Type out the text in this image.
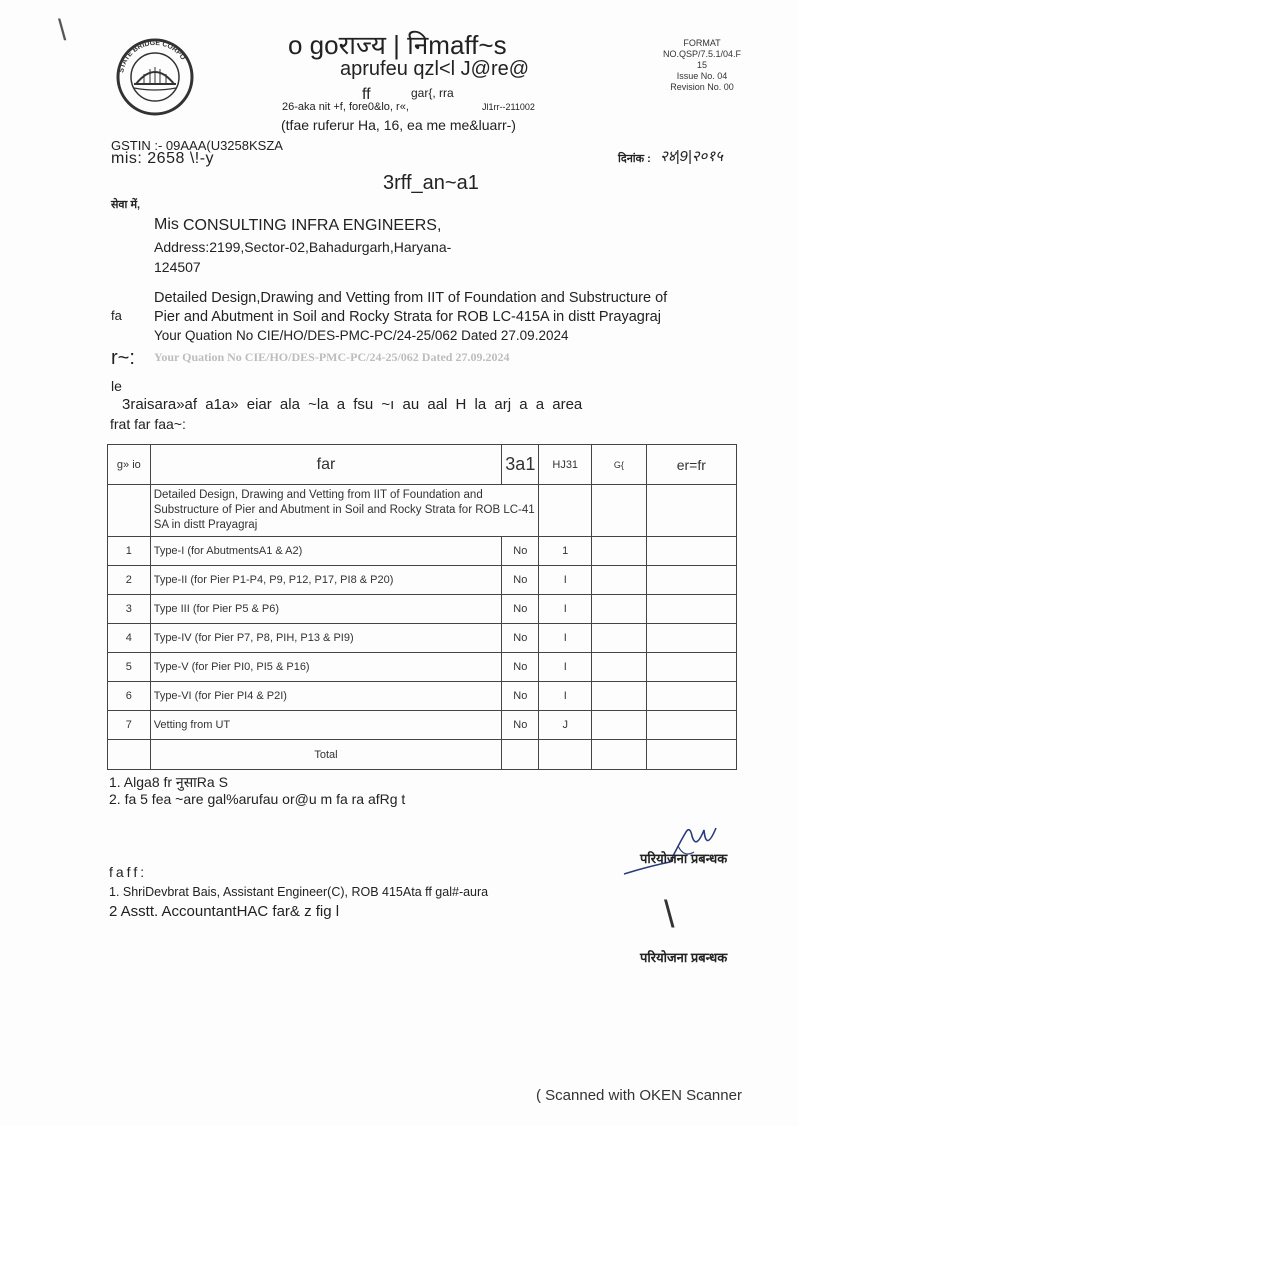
\
STATE BRIDGE CORPO	o goराज्य | निmaff~s
aprufeu qzl<l J@re@
ff	gar{, rra
26-aka nit +f, fore0&lo, r«,	Jl1rr--211002
(tfae ruferur Ha, 16, ea me me&luarr-)
FORMAT
NO.QSP/7.5.1/04.F
15
Issue No. 04
Revision No. 00
GSTIN :- 09AAA(U3258KSZA
mis: 2658 \!-y	दिनांक : २४|9|२०१५
3rff_an~a1
सेवा में,
Mis CONSULTING INFRA ENGINEERS,
Address:2199,Sector-02,Bahadurgarh,Haryana-
124507
fa
Detailed Design,Drawing and Vetting from IIT of Foundation and Substructure of
Pier and Abutment in Soil and Rocky Strata for ROB LC-415A in distt Prayagraj
Your Quation No CIE/HO/DES-PMC-PC/24-25/062 Dated 27.09.2024
r~: Your Quation No CIE/HO/DES-PMC-PC/24-25/062 Dated 27.09.2024
le
3raisara»af a1a» eiar ala ~la a fsu ~ı au aal H la arj a a area
frat far faa~:
g» io	far	3a1	HJ31	G{	er=fr
	Detailed Design, Drawing and Vetting from IIT of Foundation and Substructure of Pier and Abutment in Soil and Rocky Strata for ROB LC-41 SA in distt Prayagraj				
1	Type-I (for AbutmentsA1 & A2)	No	1		
2	Type-II (for Pier P1-P4, P9, P12, P17, PI8 & P20)	No	I		
3	Type III (for Pier P5 & P6)	No	I		
4	Type-IV (for Pier P7, P8, PIH, P13 & PI9)	No	I		
5	Type-V (for Pier PI0, PI5 & P16)	No	I		
6	Type-VI (for Pier PI4 & P2I)	No	I		
7	Vetting from UT	No	J		
	Total				
1. Alga8 fr नुसाRa S
2. fa 5 fea ~are gal%arufau or@u m fa ra afRg t
परियोजना प्रबन्धक
\
परियोजना प्रबन्धक
faff:
1. ShriDevbrat Bais, Assistant Engineer(C), ROB 415Ata ff gal#-aura
2 Asstt. AccountantHAC far& z fig l
( Scanned with OKEN Scanner
